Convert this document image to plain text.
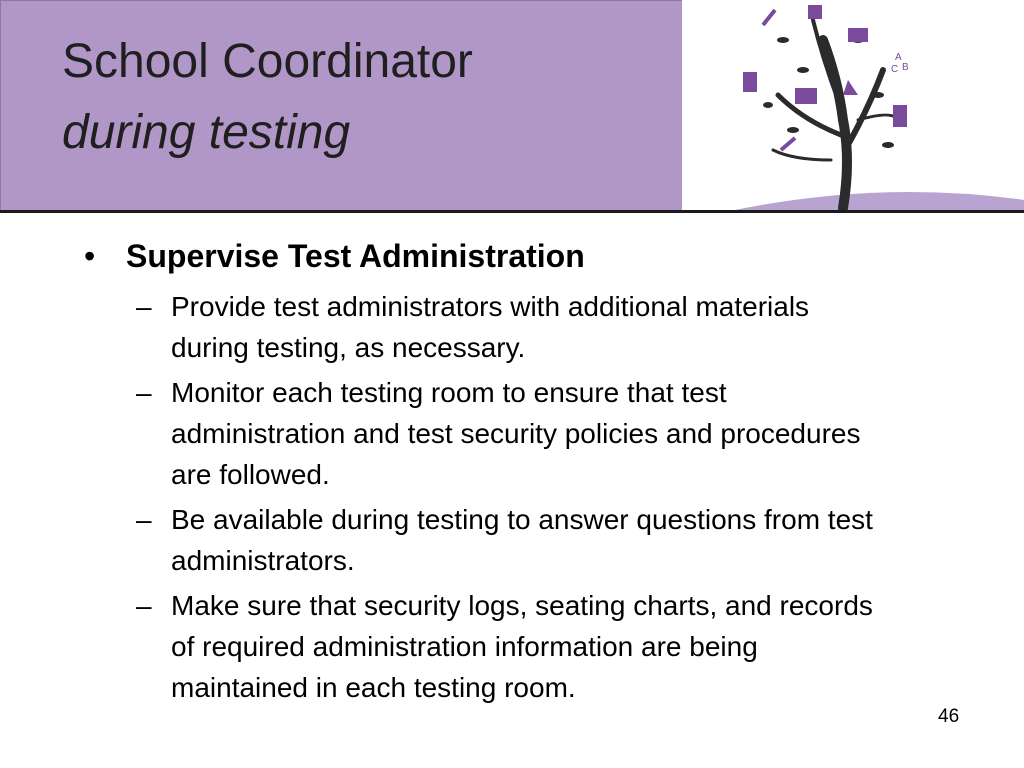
School Coordinator
during testing
A
C B
• Supervise Test Administration
– Provide test administrators with additional materials during testing, as necessary.
– Monitor each testing room to ensure that test administration and test security policies and procedures are followed.
– Be available during testing to answer questions from test administrators.
– Make sure that security logs, seating charts, and records of required administration information are being maintained in each testing room.
46
